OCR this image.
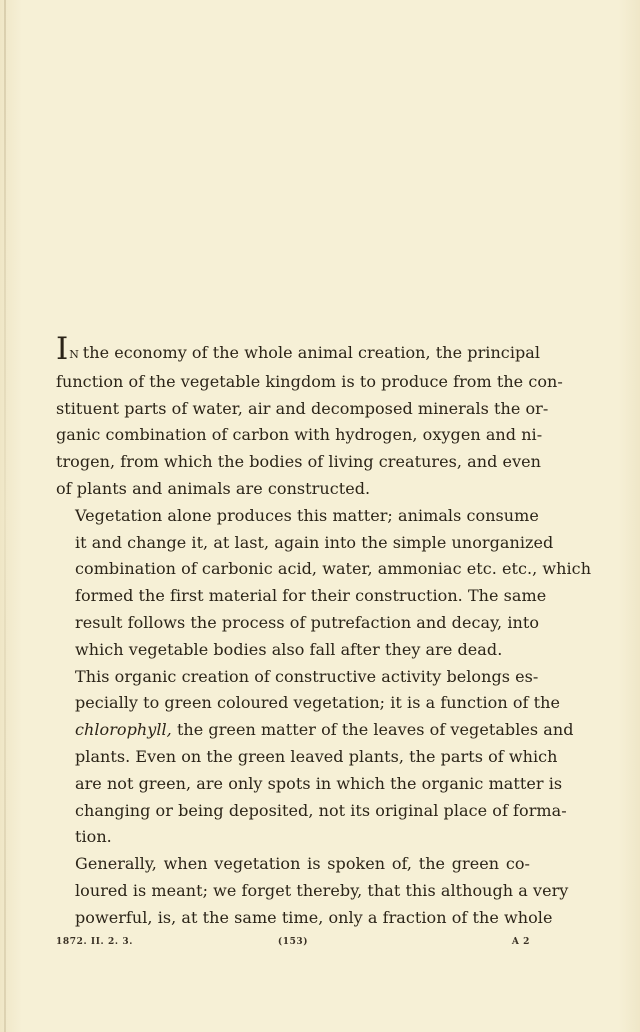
IN the economy of the whole animal creation, the principal
function of the vegetable kingdom is to produce from the con-
stituent parts of water, air and decomposed minerals the or-
ganic combination of carbon with hydrogen, oxygen and ni-
trogen, from which the bodies of living creatures, and even
of plants and animals are constructed.

Vegetation alone produces this matter; animals consume
it and change it, at last, again into the simple unorganized
combination of carbonic acid, water, ammoniac etc. etc., which
formed the first material for their construction. The same
result follows the process of putrefaction and decay, into
which vegetable bodies also fall after they are dead.

This organic creation of constructive activity belongs es-
pecially to green coloured vegetation; it is a function of the
chlorophyll, the green matter of the leaves of vegetables and
plants. Even on the green leaved plants, the parts of which
are not green, are only spots in which the organic matter is
changing or being deposited, not its original place of forma-
tion.

Generally, when vegetation is spoken of, the green co-
loured is meant; we forget thereby, that this although a very
powerful, is, at the same time, only a fraction of the whole

1872. II. 2. 3.	(153)	A 2
